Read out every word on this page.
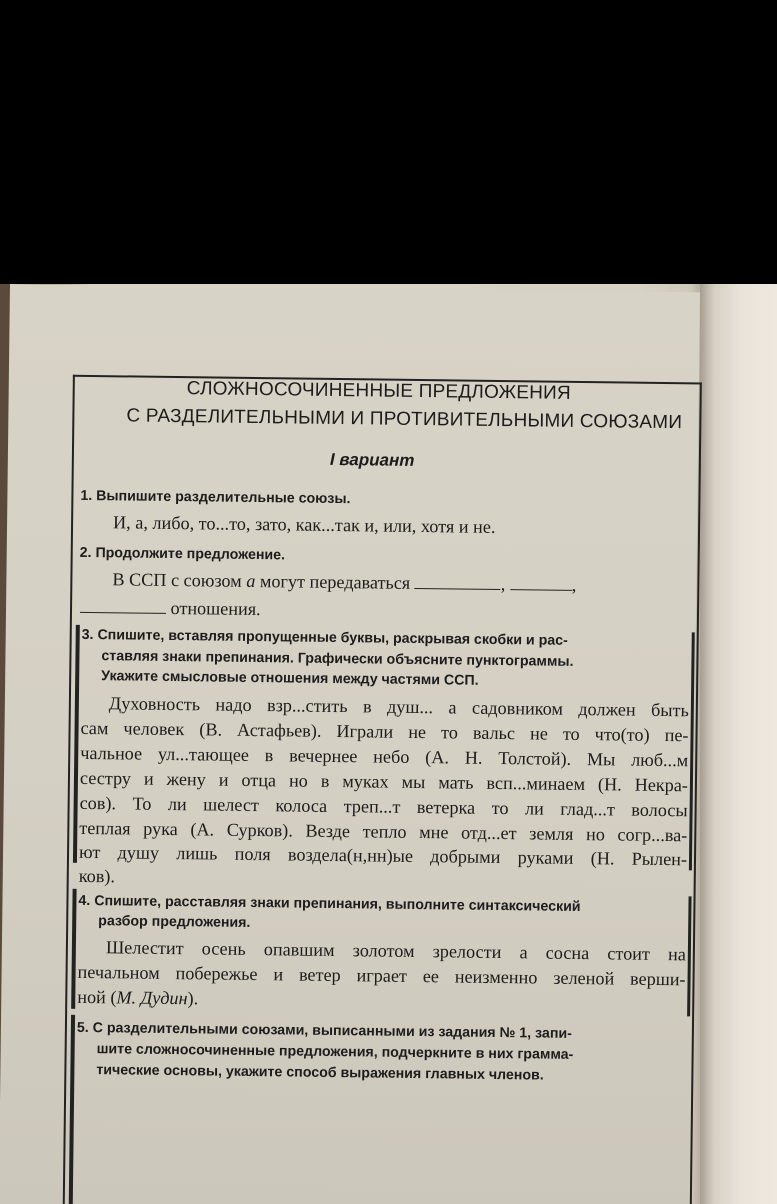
СЛОЖНОСОЧИНЕННЫЕ ПРЕДЛОЖЕНИЯ
С РАЗДЕЛИТЕЛЬНЫМИ И ПРОТИВИТЕЛЬНЫМИ СОЮЗАМИ
I вариант
1. Выпишите разделительные союзы.
И, а, либо, то...то, зато, как...так и, или, хотя и не.
2. Продолжите предложение.
В ССП с союзом а могут передаваться	,	,
отношения.
3. Спишите, вставляя пропущенные буквы, раскрывая скобки и рас-
ставляя знаки препинания. Графически объясните пунктограммы.
Укажите смысловые отношения между частями ССП.
Духовность надо взр...стить в душ... а садовником должен быть
сам человек (В. Астафьев). Играли не то вальс не то что(то) пе-
чальное ул...тающее в вечернее небо (А. Н. Толстой). Мы люб...м
сестру и жену и отца но в муках мы мать всп...минаем (Н. Некра-
сов). То ли шелест колоса треп...т ветерка то ли глад...т волосы
теплая рука (А. Сурков). Везде тепло мне отд...ет земля но согр...ва-
ют душу лишь поля воздела(н,нн)ые добрыми руками (Н. Рылен-
ков).
4. Спишите, расставляя знаки препинания, выполните синтаксический
разбор предложения.
Шелестит осень опавшим золотом зрелости а сосна стоит на
печальном побережье и ветер играет ее неизменно зеленой верши-
ной (М. Дудин).
5. С разделительными союзами, выписанными из задания № 1, запи-
шите сложносочиненные предложения, подчеркните в них грамма-
тические основы, укажите способ выражения главных членов.
